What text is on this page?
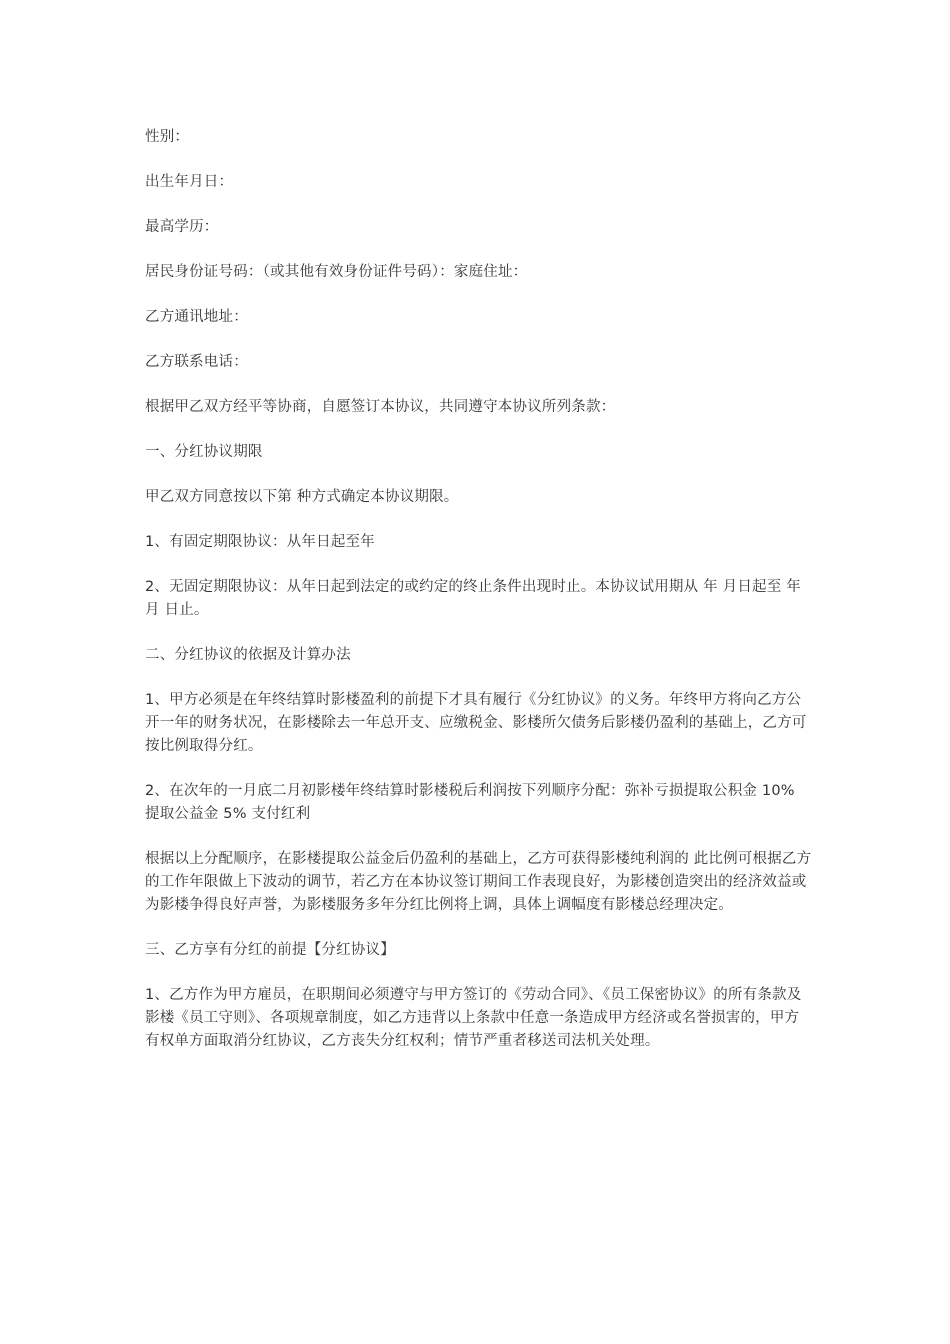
性别：

出生年月日：

最高学历：

居民身份证号码：（或其他有效身份证件号码）：家庭住址：

乙方通讯地址：

乙方联系电话：

根据甲乙双方经平等协商，自愿签订本协议，共同遵守本协议所列条款：

一、分红协议期限

甲乙双方同意按以下第 种方式确定本协议期限。

1、有固定期限协议：从年日起至年

2、无固定期限协议：从年日起到法定的或约定的终止条件出现时止。本协议试用期从 年 月日起至 年 月 日止。

二、分红协议的依据及计算办法

1、甲方必须是在年终结算时影楼盈利的前提下才具有履行《分红协议》的义务。年终甲方将向乙方公开一年的财务状况，在影楼除去一年总开支、应缴税金、影楼所欠债务后影楼仍盈利的基础上，乙方可按比例取得分红。

2、在次年的一月底二月初影楼年终结算时影楼税后利润按下列顺序分配：弥补亏损提取公积金 10% 提取公益金 5% 支付红利

根据以上分配顺序，在影楼提取公益金后仍盈利的基础上，乙方可获得影楼纯利润的 此比例可根据乙方的工作年限做上下波动的调节，若乙方在本协议签订期间工作表现良好，为影楼创造突出的经济效益或为影楼争得良好声誉，为影楼服务多年分红比例将上调，具体上调幅度有影楼总经理决定。

三、乙方享有分红的前提【分红协议】

1、乙方作为甲方雇员，在职期间必须遵守与甲方签订的《劳动合同》、《员工保密协议》的所有条款及影楼《员工守则》、各项规章制度，如乙方违背以上条款中任意一条造成甲方经济或名誉损害的，甲方有权单方面取消分红协议，乙方丧失分红权利；情节严重者移送司法机关处理。
